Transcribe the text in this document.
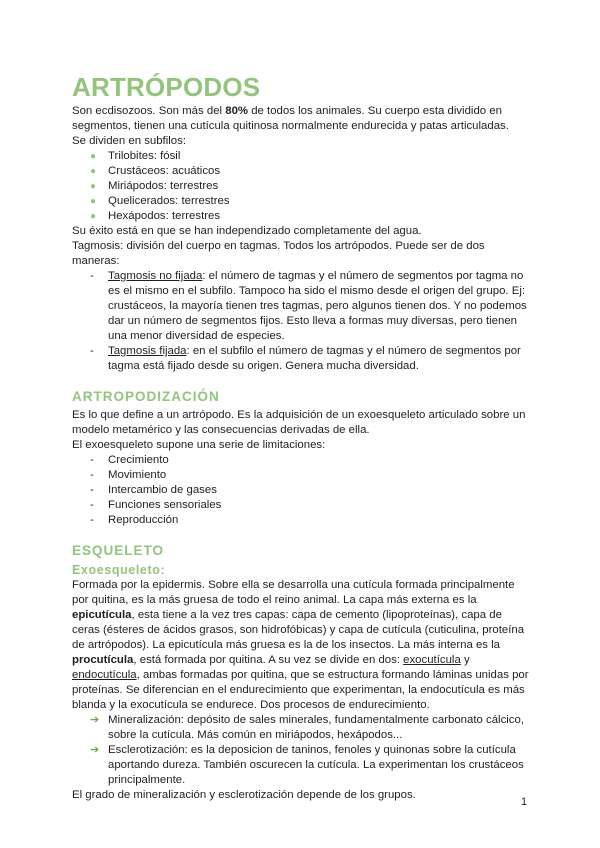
ARTRÓPODOS

Son ecdisozoos. Son más del 80% de todos los animales. Su cuerpo esta dividido en segmentos, tienen una cutícula quitinosa normalmente endurecida y patas articuladas.

Se dividen en subfilos:

● Trilobites: fósil
● Crustáceos: acuáticos
● Miriápodos: terrestres
● Quelicerados: terrestres
● Hexápodos: terrestres

Su éxito está en que se han independizado completamente del agua.

Tagmosis: división del cuerpo en tagmas. Todos los artrópodos. Puede ser de dos maneras:

- Tagmosis no fijada: el número de tagmas y el número de segmentos por tagma no es el mismo en el subfilo. Tampoco ha sido el mismo desde el origen del grupo. Ej: crustáceos, la mayoría tienen tres tagmas, pero algunos tienen dos. Y no podemos dar un número de segmentos fijos. Esto lleva a formas muy diversas, pero tienen una menor diversidad de especies.
- Tagmosis fijada: en el subfilo el número de tagmas y el número de segmentos por tagma está fijado desde su origen. Genera mucha diversidad.
ARTROPODIZACIÓN

Es lo que define a un artrópodo. Es la adquisición de un exoesqueleto articulado sobre un modelo metamérico y las consecuencias derivadas de ella.

El exoesqueleto supone una serie de limitaciones:

- Crecimiento
- Movimiento
- Intercambio de gases
- Funciones sensoriales
- Reproducción
ESQUELETO
Exoesqueleto:

Formada por la epidermis. Sobre ella se desarrolla una cutícula formada principalmente por quitina, es la más gruesa de todo el reino animal. La capa más externa es la epicutícula, esta tiene a la vez tres capas: capa de cemento (lipoproteínas), capa de ceras (ésteres de ácidos grasos, son hidrofóbicas) y capa de cutícula (cuticulina, proteína de artrópodos). La epicutícula más gruesa es la de los insectos. La más interna es la procutícula, está formada por quitina. A su vez se divide en dos: exocutícula y endocutícula, ambas formadas por quitina, que se estructura formando láminas unidas por proteínas. Se diferencian en el endurecimiento que experimentan, la endocutícula es más blanda y la exocutícula se endurece. Dos procesos de endurecimiento.

➔ Mineralización: depósito de sales minerales, fundamentalmente carbonato cálcico, sobre la cutícula. Más común en miriápodos, hexápodos...
➔ Esclerotización: es la deposicion de taninos, fenoles y quinonas sobre la cutícula aportando dureza. También oscurecen la cutícula. La experimentan los crustáceos principalmente.

El grado de mineralización y esclerotización depende de los grupos.

1
